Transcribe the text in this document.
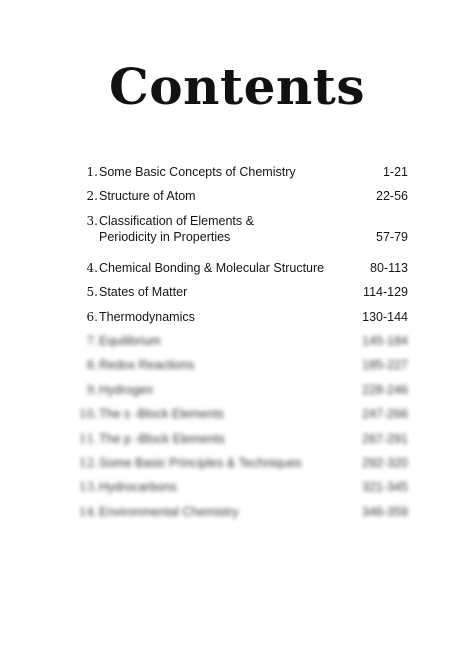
Contents
1. Some Basic Concepts of Chemistry	1-21
2. Structure of Atom	22-56
3. Classification of Elements &
Periodicity in Properties	57-79
4. Chemical Bonding & Molecular Structure	80-113
5. States of Matter	114-129
6. Thermodynamics	130-144
7. Equilibrium	145-184
8. Redox Reactions	185-227
9. Hydrogen	228-246
10. The s -Block Elements	247-266
11. The p -Block Elements	267-291
12. Some Basic Principles & Techniques	292-320
13. Hydrocarbons	321-345
14. Environmental Chemistry	346-359
